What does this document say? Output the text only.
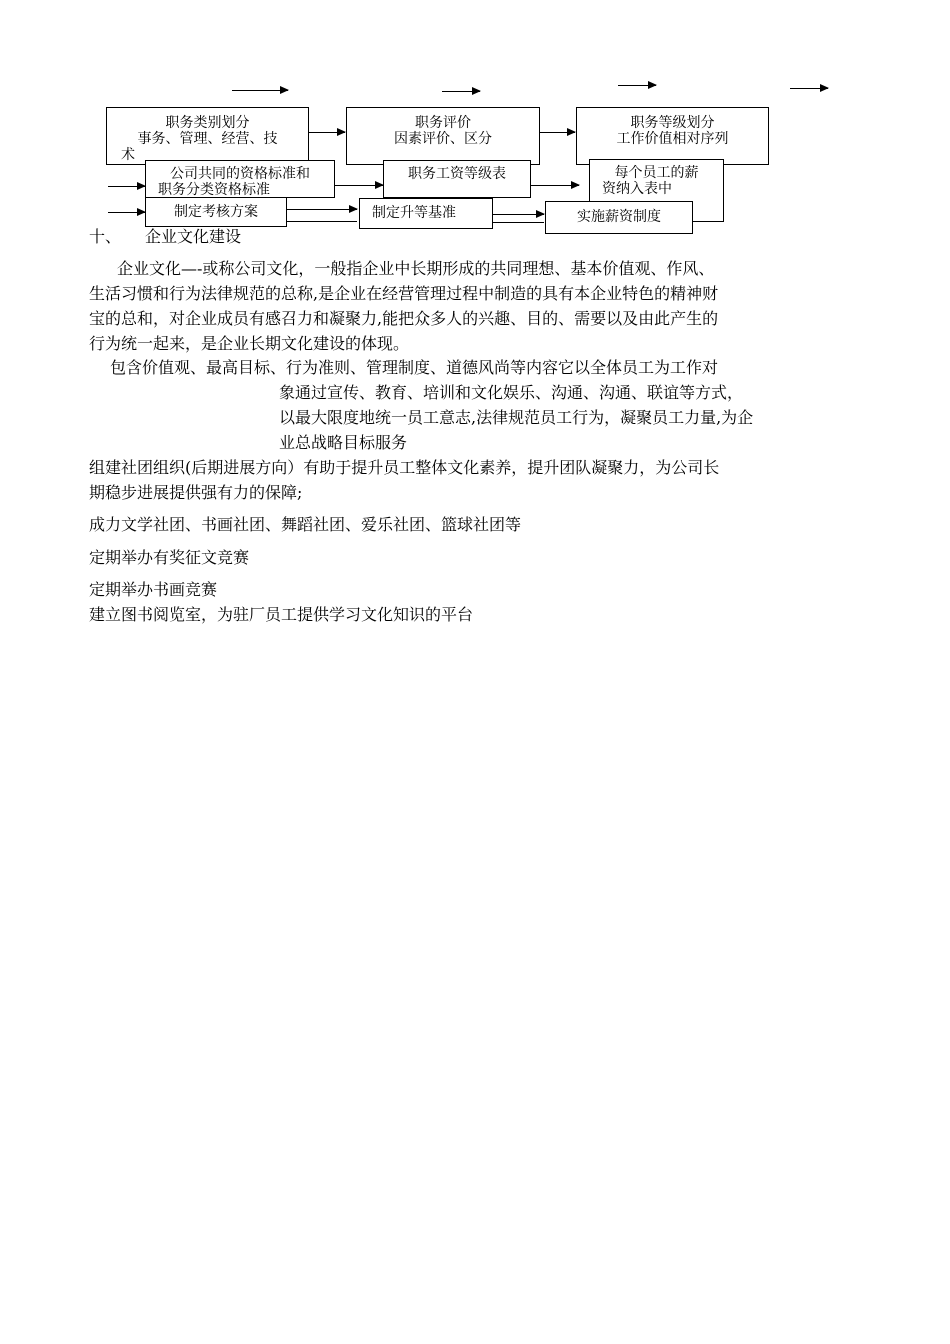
职务类别划分
事务、管理、经营、技
术
职务评价
因素评价、区分
职务等级划分
工作价值相对序列
公司共同的资格标准和
职务分类资格标准
职务工资等级表	每个员工的薪
资纳入表中
制定考核方案	制定升等基准	实施薪资制度
十、 企业文化建设
企业文化—-或称公司文化，一般指企业中长期形成的共同理想、基本价值观、作风、
生活习惯和行为法律规范的总称,是企业在经营管理过程中制造的具有本企业特色的精神财
宝的总和，对企业成员有感召力和凝聚力,能把众多人的兴趣、目的、需要以及由此产生的
行为统一起来，是企业长期文化建设的体现。
包含价值观、最高目标、行为准则、管理制度、道德风尚等内容它以全体员工为工作对
象通过宣传、教育、培训和文化娱乐、沟通、沟通、联谊等方式，
以最大限度地统一员工意志,法律规范员工行为，凝聚员工力量,为企
业总战略目标服务
组建社团组织(后期进展方向）有助于提升员工整体文化素养，提升团队凝聚力，为公司长
期稳步进展提供强有力的保障;
成力文学社团、书画社团、舞蹈社团、爱乐社团、篮球社团等
定期举办有奖征文竞赛
定期举办书画竞赛
建立图书阅览室，为驻厂员工提供学习文化知识的平台
